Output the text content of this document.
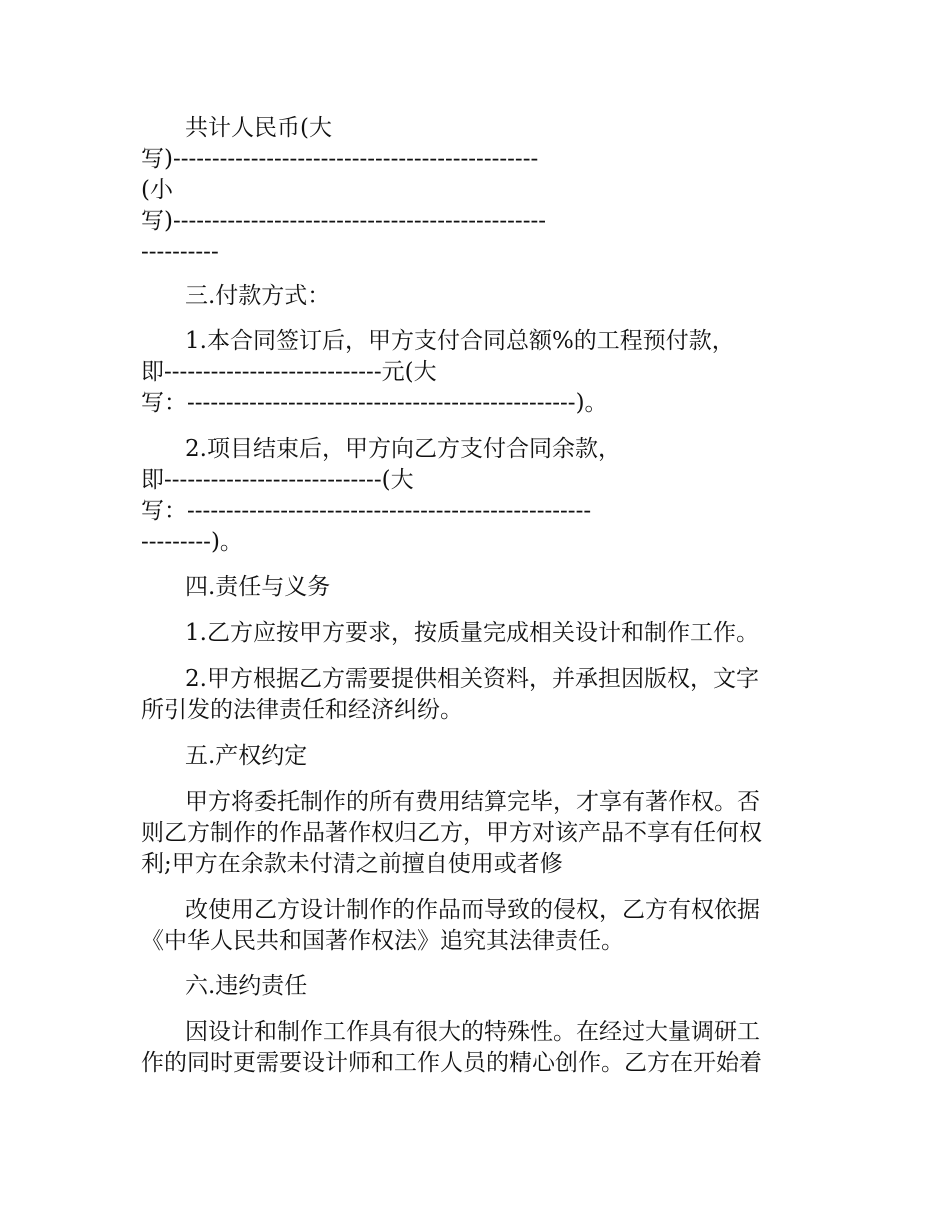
共计人民币(大
写)-----------------------------------------------
(小
写)------------------------------------------------
----------
三.付款方式：
1.本合同签订后，甲方支付合同总额%的工程预付款，
即----------------------------元(大
写：--------------------------------------------------)。
2.项目结束后，甲方向乙方支付合同余款，
即----------------------------(大
写：----------------------------------------------------
---------)。
四.责任与义务
1.乙方应按甲方要求，按质量完成相关设计和制作工作。
2.甲方根据乙方需要提供相关资料，并承担因版权，文字
所引发的法律责任和经济纠纷。
五.产权约定
甲方将委托制作的所有费用结算完毕，才享有著作权。否
则乙方制作的作品著作权归乙方，甲方对该产品不享有任何权
利;甲方在余款未付清之前擅自使用或者修
改使用乙方设计制作的作品而导致的侵权，乙方有权依据
《中华人民共和国著作权法》追究其法律责任。
六.违约责任
因设计和制作工作具有很大的特殊性。在经过大量调研工
作的同时更需要设计师和工作人员的精心创作。乙方在开始着
